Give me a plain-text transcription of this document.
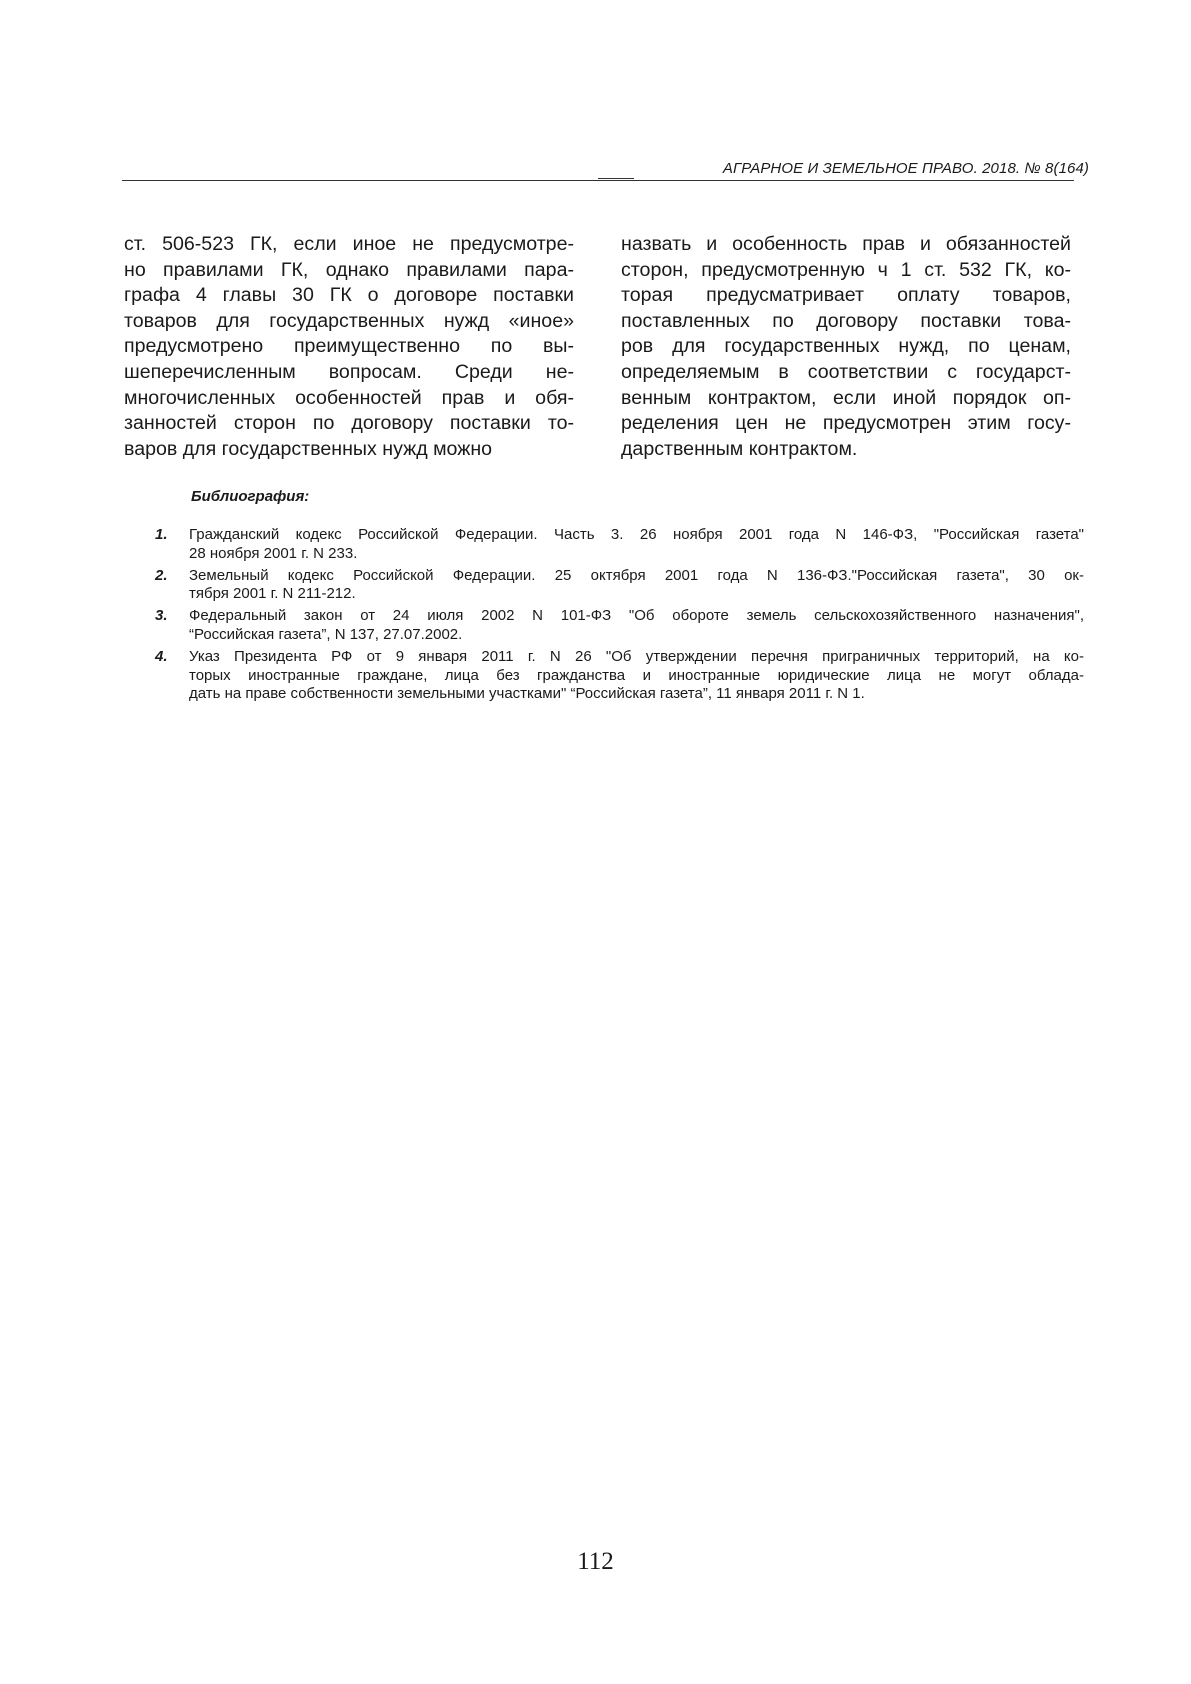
АГРАРНОЕ И ЗЕМЕЛЬНОЕ ПРАВО. 2018. № 8(164)
ст. 506-523 ГК, если иное не предусмотре-
но правилами ГК, однако правилами пара-
графа 4 главы 30 ГК о договоре поставки
товаров для государственных нужд «иное»
предусмотрено преимущественно по вы-
шеперечисленным вопросам. Среди не-
многочисленных особенностей прав и обя-
занностей сторон по договору поставки то-
варов для государственных нужд можно
назвать и особенность прав и обязанностей
сторон, предусмотренную ч 1 ст. 532 ГК, ко-
торая предусматривает оплату товаров,
поставленных по договору поставки това-
ров для государственных нужд, по ценам,
определяемым в соответствии с государст-
венным контрактом, если иной порядок оп-
ределения цен не предусмотрен этим госу-
дарственным контрактом.
Библиография:
1. Гражданский кодекс Российской Федерации. Часть 3. 26 ноября 2001 года N 146-ФЗ, "Российская газета"
28 ноября 2001 г. N 233.
2. Земельный кодекс Российской Федерации. 25 октября 2001 года N 136-ФЗ."Российская газета", 30 ок-
тября 2001 г. N 211-212.
3. Федеральный закон от 24 июля 2002 N 101-ФЗ "Об обороте земель сельскохозяйственного назначения",
“Российская газета”, N 137, 27.07.2002.
4. Указ Президента РФ от 9 января 2011 г. N 26 "Об утверждении перечня приграничных территорий, на ко-
торых иностранные граждане, лица без гражданства и иностранные юридические лица не могут облада-
дать на праве собственности земельными участками" “Российская газета”, 11 января 2011 г. N 1.
112
